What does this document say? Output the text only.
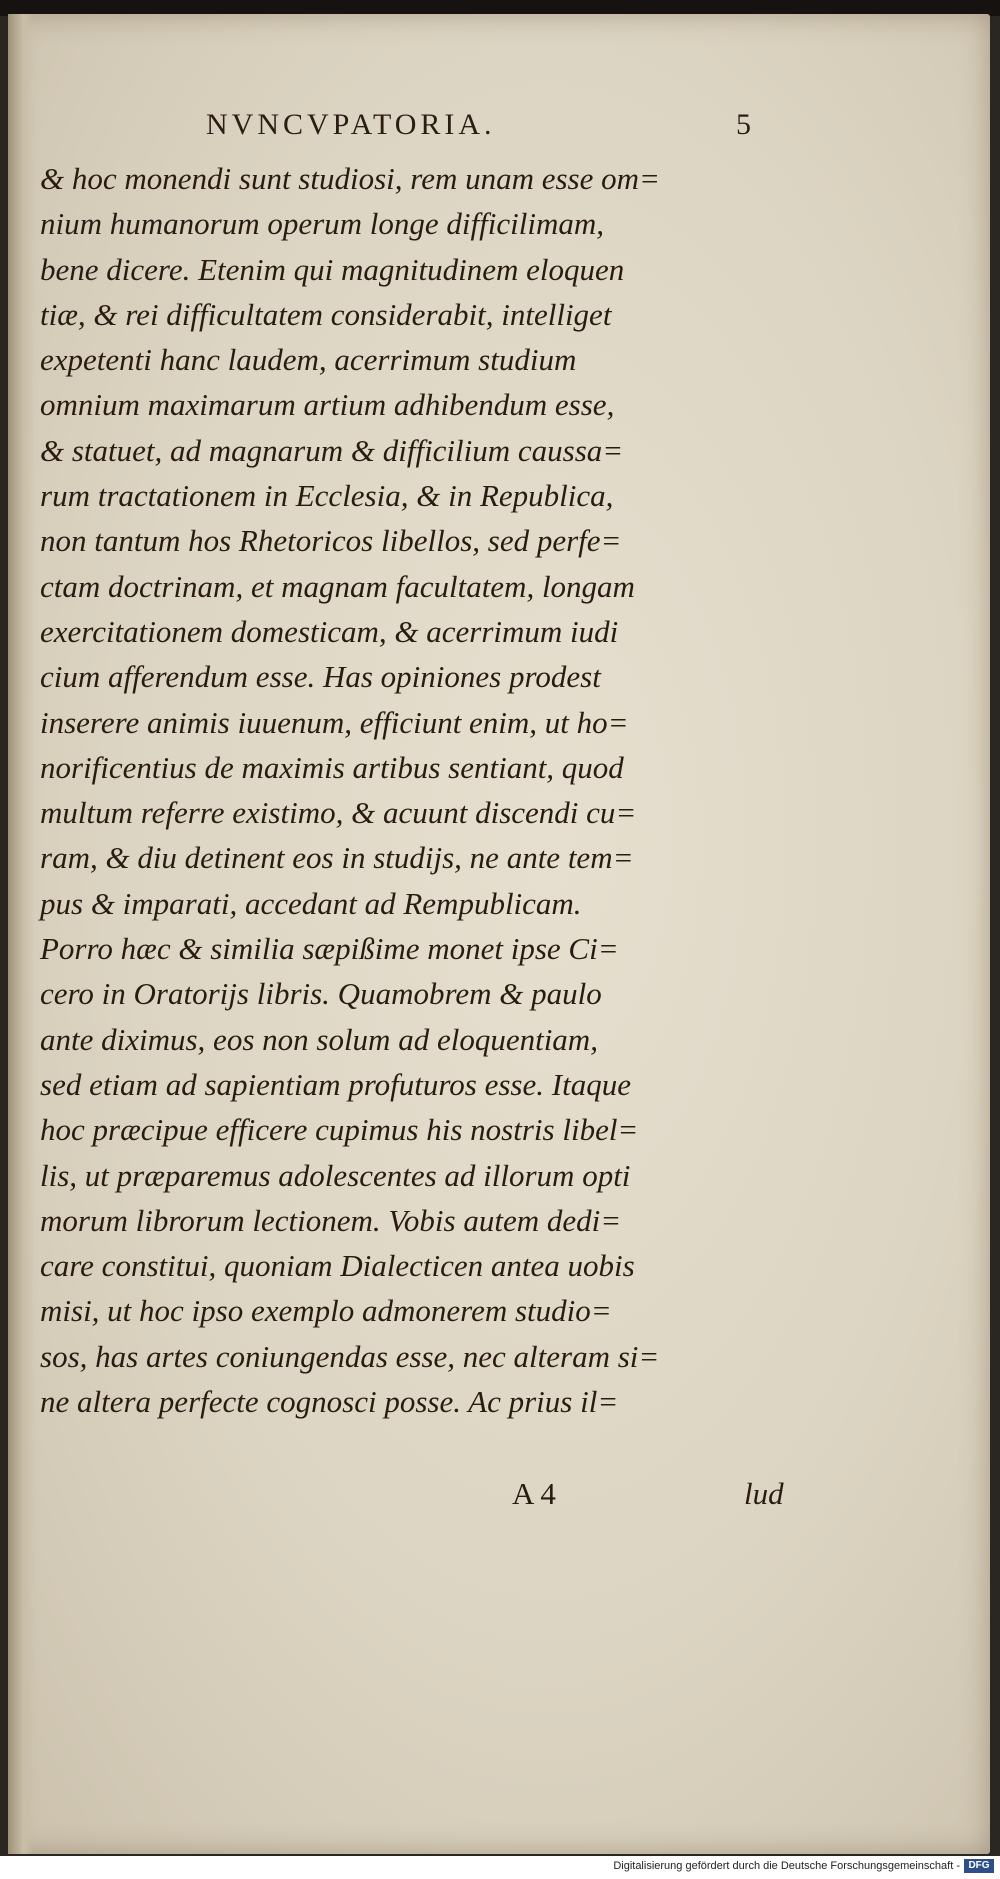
NVNCVPATORIA.	5
& hoc monendi sunt studiosi, rem unam esse om=
nium humanorum operum longe difficilimam,
bene dicere. Etenim qui magnitudinem eloquen
tiæ, & rei difficultatem considerabit, intelliget
expetenti hanc laudem, acerrimum studium
omnium maximarum artium adhibendum esse,
& statuet, ad magnarum & difficilium caussa=
rum tractationem in Ecclesia, & in Republica,
non tantum hos Rhetoricos libellos, sed perfe=
ctam doctrinam, et magnam facultatem, longam
exercitationem domesticam, & acerrimum iudi
cium afferendum esse. Has opiniones prodest
inserere animis iuuenum, efficiunt enim, ut ho=
norificentius de maximis artibus sentiant, quod
multum referre existimo, & acuunt discendi cu=
ram, & diu detinent eos in studijs, ne ante tem=
pus & imparati, accedant ad Rempublicam.
Porro hæc & similia sæpißime monet ipse Ci=
cero in Oratorijs libris. Quamobrem & paulo
ante diximus, eos non solum ad eloquentiam,
sed etiam ad sapientiam profuturos esse. Itaque
hoc præcipue efficere cupimus his nostris libel=
lis, ut præparemus adolescentes ad illorum opti
morum librorum lectionem. Vobis autem dedi=
care constitui, quoniam Dialecticen antea uobis
misi, ut hoc ipso exemplo admonerem studio=
sos, has artes coniungendas esse, nec alteram si=
ne altera perfecte cognosci posse. Ac prius il=
A 4	lud
Digitalisierung gefördert durch die Deutsche Forschungsgemeinschaft - DFG
